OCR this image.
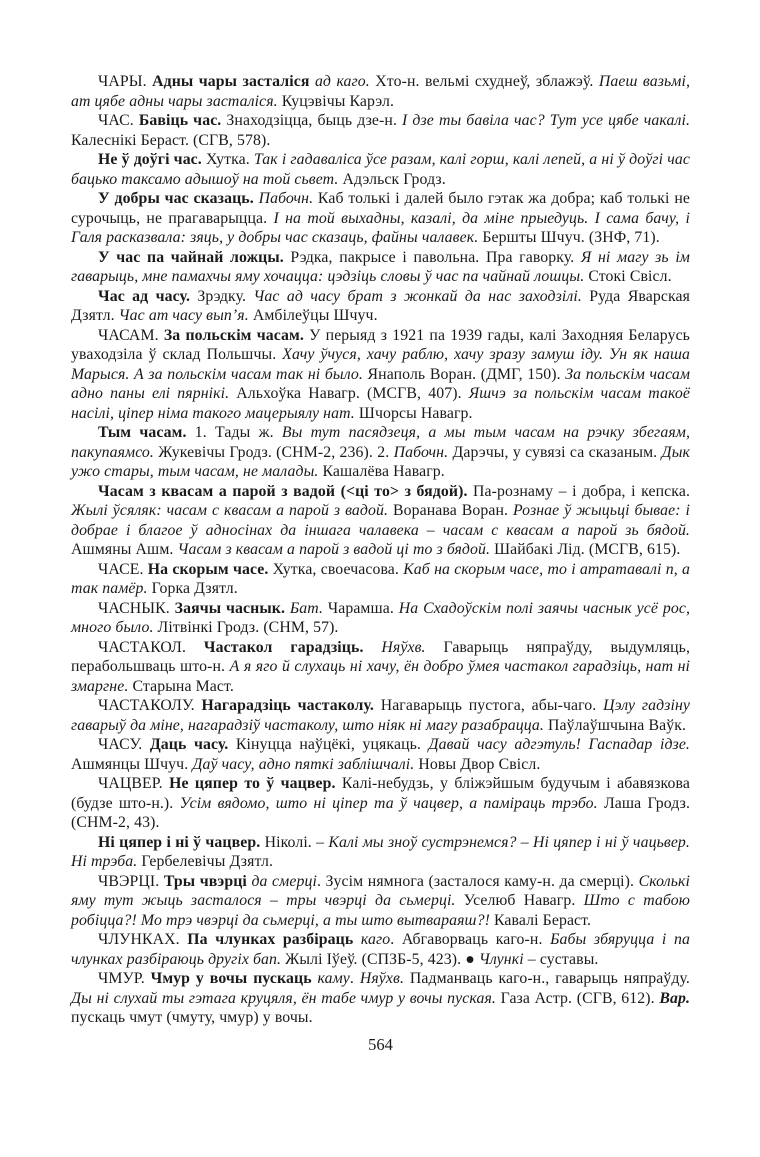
ЧАРЫ. Адны чары засталіся ад каго. Хто-н. вельмі схуднеў, зблажэў. Паеш вазьмі, ат цябе адны чары засталіся. Куцэвічы Карэл.

ЧАС. Бавіць час. Знаходзіцца, быць дзе-н. І дзе ты бавіла час? Тут усе цябе чакалі. Калеснікі Бераст. (СГВ, 578).

Не ў доўгі час. Хутка. Так і гадаваліса ўсе разам, калі горш, калі лепей, а ні ў доўгі час бацько таксамо адышоў на той сьвет. Адэльск Гродз.

У добры час сказаць. Пабочн. Каб толькі і далей было гэтак жа добра; каб толькі не сурочыць, не прагаварыцца. І на той выхадны, казалі, да міне прыедуць. І сама бачу, і Галя расказвала: зяць, у добры час сказаць, файны чалавек. Бершты Шчуч. (ЗНФ, 71).

У час па чайнай ложцы. Рэдка, пакрысе і павольна. Пра гаворку. Я ні магу зь ім гаварыць, мне памахчы яму хочацца: цэдзіць словы ў час па чайнай лошцы. Стокі Свісл.

Час ад часу. Зрэдку. Час ад часу брат з жонкай да нас заходзілі. Руда Яварская Дзятл. Час ат часу вып’я. Амбілеўцы Шчуч.

ЧАСАМ. За польскім часам. У перыяд з 1921 па 1939 гады, калі Заходняя Беларусь уваходзіла ў склад Польшчы. Хачу ўчуся, хачу раблю, хачу зразу замуш іду. Ун як наша Марыся. А за польскім часам так ні было. Янаполь Воран. (ДМГ, 150). За польскім часам адно паны елі пярнікі. Альхоўка Навагр. (МСГВ, 407). Яшчэ за польскім часам такоё насілі, ціпер німа такого мацерыялу нат. Шчорсы Навагр.

Тым часам. 1. Тады ж. Вы тут пасядзеця, а мы тым часам на рэчку збегаям, пакупаямсо. Жукевічы Гродз. (СНМ-2, 236). 2. Пабочн. Дарэчы, у сувязі са сказаным. Дык ужо стары, тым часам, не малады. Кашалёва Навагр.

Часам з квасам а парой з вадой (<ці то> з бядой). Па-рознаму – і добра, і кепска. Жылі ўсяляк: часам с квасам а парой з вадой. Воранава Воран. Рознае ў жыцьці бывае: і добрае і благое ў адносінах да іншага чалавека – часам с квасам а парой зь бядой. Ашмяны Ашм. Часам з квасам а парой з вадой ці то з бядой. Шайбакі Лід. (МСГВ, 615).

ЧАСЕ. На скорым часе. Хутка, своечасова. Каб на скорым часе, то і атратавалі п, а так памёр. Горка Дзятл.

ЧАСНЫК. Заячы часнык. Бат. Чарамша. На Схадоўскім полі заячы часнык усё рос, много было. Літвінкі Гродз. (СНМ, 57).

ЧАСТАКОЛ. Частакол гарадзіць. Няўхв. Гаварыць няпраўду, выдумляць, перабольшваць што-н. А я яго й слухаць ні хачу, ён добро ўмея частакол гарадзіць, нат ні змаргне. Старына Маст.

ЧАСТАКОЛУ. Нагарадзіць частаколу. Нагаварыць пустога, абы-чаго. Цэлу гадзіну гаварыў да міне, нагарадзіў частаколу, што ніяк ні магу разабрацца. Паўлаўшчына Ваўк.

ЧАСУ. Даць часу. Кінуцца наўцёкі, уцякаць. Давай часу адгэтуль! Гаспадар ідзе. Ашмянцы Шчуч. Даў часу, адно пяткі заблішчалі. Новы Двор Свісл.

ЧАЦВЕР. Не цяпер то ў чацвер. Калі-небудзь, у бліжэйшым будучым і абавязкова (будзе што-н.). Усім вядомо, што ні ціпер та ў чацвер, а паміраць трэбо. Лаша Гродз. (СНМ-2, 43).

Ні цяпер і ні ў чацвер. Ніколі. – Калі мы зноў сустрэнемся? – Ні цяпер і ні ў чацьвер. Ні трэба. Гербелевічы Дзятл.

ЧВЭРЦІ. Тры чвэрці да смерці. Зусім нямнога (засталося каму-н. да смерці). Сколькі яму тут жыць засталося – тры чвэрці да сьмерці. Уселюб Навагр. Што с табою робіцца?! Мо трэ чвэрці да сьмерці, а ты што вытвараяш?! Кавалі Бераст.

ЧЛУНКАХ. Па члунках разбіраць каго. Абгаворваць каго-н. Бабы збяруцца і па члунках разбіраюць другіх бап. Жылі Іўеў. (СПЗБ-5, 423). ● Члункі – суставы.

ЧМУР. Чмур у вочы пускаць каму. Няўхв. Падманваць каго-н., гаварыць няпраўду. Ды ні слухай ты гэтага круцяля, ён табе чмур у вочы пуская. Газа Астр. (СГВ, 612). Вар. пускаць чмут (чмуту, чмур) у вочы.

564
